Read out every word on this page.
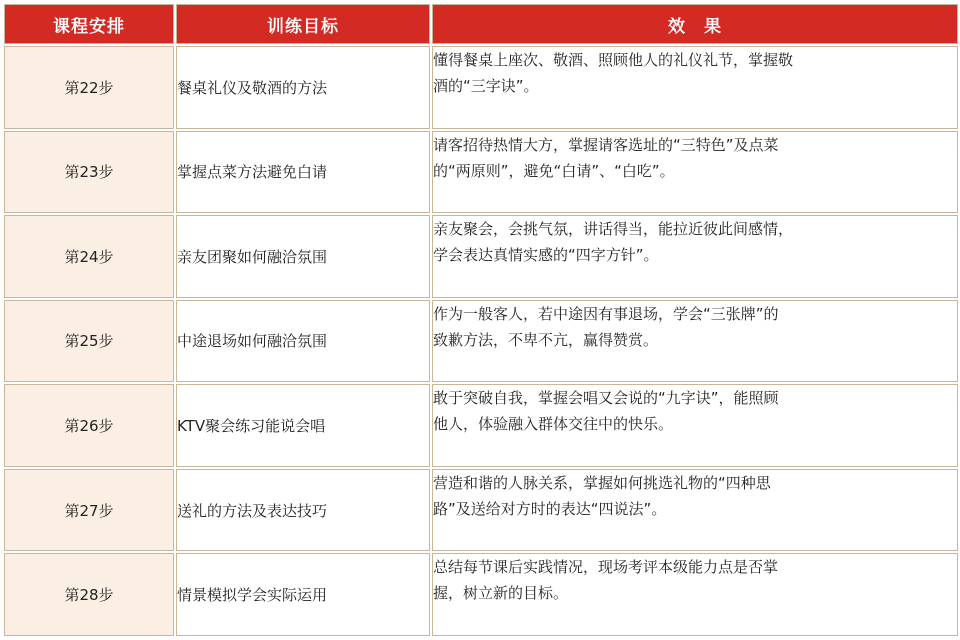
课程安排	训练目标	效　果
第22步	餐桌礼仪及敬酒的方法	懂得餐桌上座次、敬酒、照顾他人的礼仪礼节，掌握敬酒的“三字诀”。

第23步	掌握点菜方法避免白请	请客招待热情大方，掌握请客选址的“三特色”及点菜的“两原则”，避免“白请”、“白吃”。

第24步	亲友团聚如何融洽氛围	亲友聚会，会挑气氛，讲话得当，能拉近彼此间感情，学会表达真情实感的“四字方针”。

第25步	中途退场如何融洽氛围	作为一般客人，若中途因有事退场，学会“三张牌”的致歉方法，不卑不亢，赢得赞赏。

第26步	KTV聚会练习能说会唱	敢于突破自我，掌握会唱又会说的“九字诀”，能照顾他人，体验融入群体交往中的快乐。

第27步	送礼的方法及表达技巧	营造和谐的人脉关系，掌握如何挑选礼物的“四种思路”及送给对方时的表达“四说法”。

第28步	情景模拟学会实际运用	总结每节课后实践情况，现场考评本级能力点是否掌握，树立新的目标。
